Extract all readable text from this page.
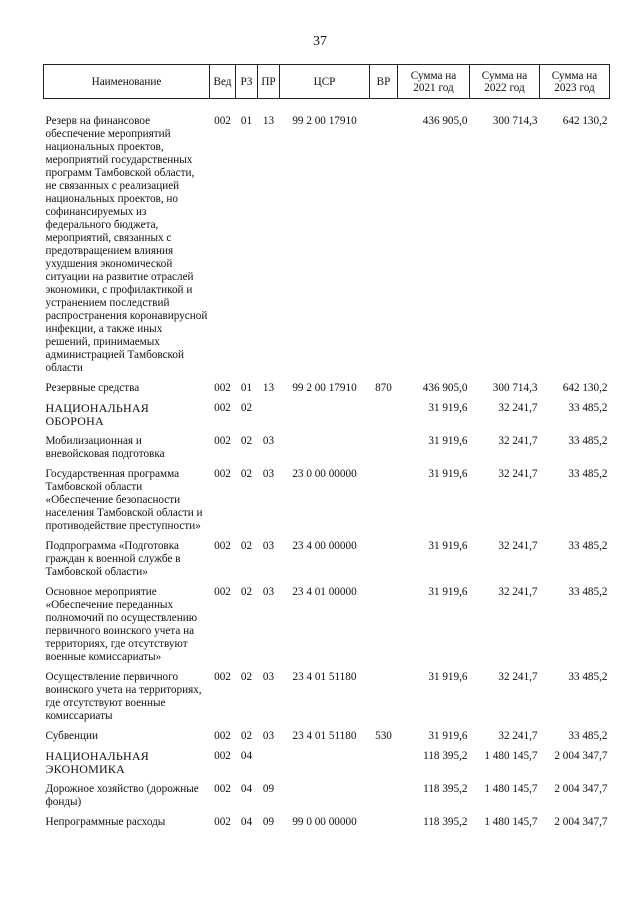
37
Наименование	Вед	РЗ	ПР	ЦСР	ВР	Сумма на 2021 год	Сумма на 2022 год	Сумма на 2023 год

Резерв на финансовое обеспечение мероприятий национальных проектов, мероприятий государственных программ Тамбовской области, не связанных с реализацией национальных проектов, но софинансируемых из федерального бюджета, мероприятий, связанных с предотвращением влияния ухудшения экономической ситуации на развитие отраслей экономики, с профилактикой и устранением последствий распространения коронавирусной инфекции, а также иных решений, принимаемых администрацией Тамбовской области	002	01	13	99 2 00 17910		436 905,0	300 714,3	642 130,2
Резервные средства	002	01	13	99 2 00 17910	870	436 905,0	300 714,3	642 130,2
НАЦИОНАЛЬНАЯ ОБОРОНА	002	02				31 919,6	32 241,7	33 485,2
Мобилизационная и вневойсковая подготовка	002	02	03			31 919,6	32 241,7	33 485,2
Государственная программа Тамбовской области «Обеспечение безопасности населения Тамбовской области и противодействие преступности»	002	02	03	23 0 00 00000		31 919,6	32 241,7	33 485,2
Подпрограмма «Подготовка граждан к военной службе в Тамбовской области»	002	02	03	23 4 00 00000		31 919,6	32 241,7	33 485,2
Основное мероприятие «Обеспечение переданных полномочий по осуществлению первичного воинского учета на территориях, где отсутствуют военные комиссариаты»	002	02	03	23 4 01 00000		31 919,6	32 241,7	33 485,2
Осуществление первичного воинского учета на территориях, где отсутствуют военные комиссариаты	002	02	03	23 4 01 51180		31 919,6	32 241,7	33 485,2
Субвенции	002	02	03	23 4 01 51180	530	31 919,6	32 241,7	33 485,2
НАЦИОНАЛЬНАЯ ЭКОНОМИКА	002	04				118 395,2	1 480 145,7	2 004 347,7
Дорожное хозяйство (дорожные фонды)	002	04	09			118 395,2	1 480 145,7	2 004 347,7
Непрограммные расходы	002	04	09	99 0 00 00000		118 395,2	1 480 145,7	2 004 347,7
